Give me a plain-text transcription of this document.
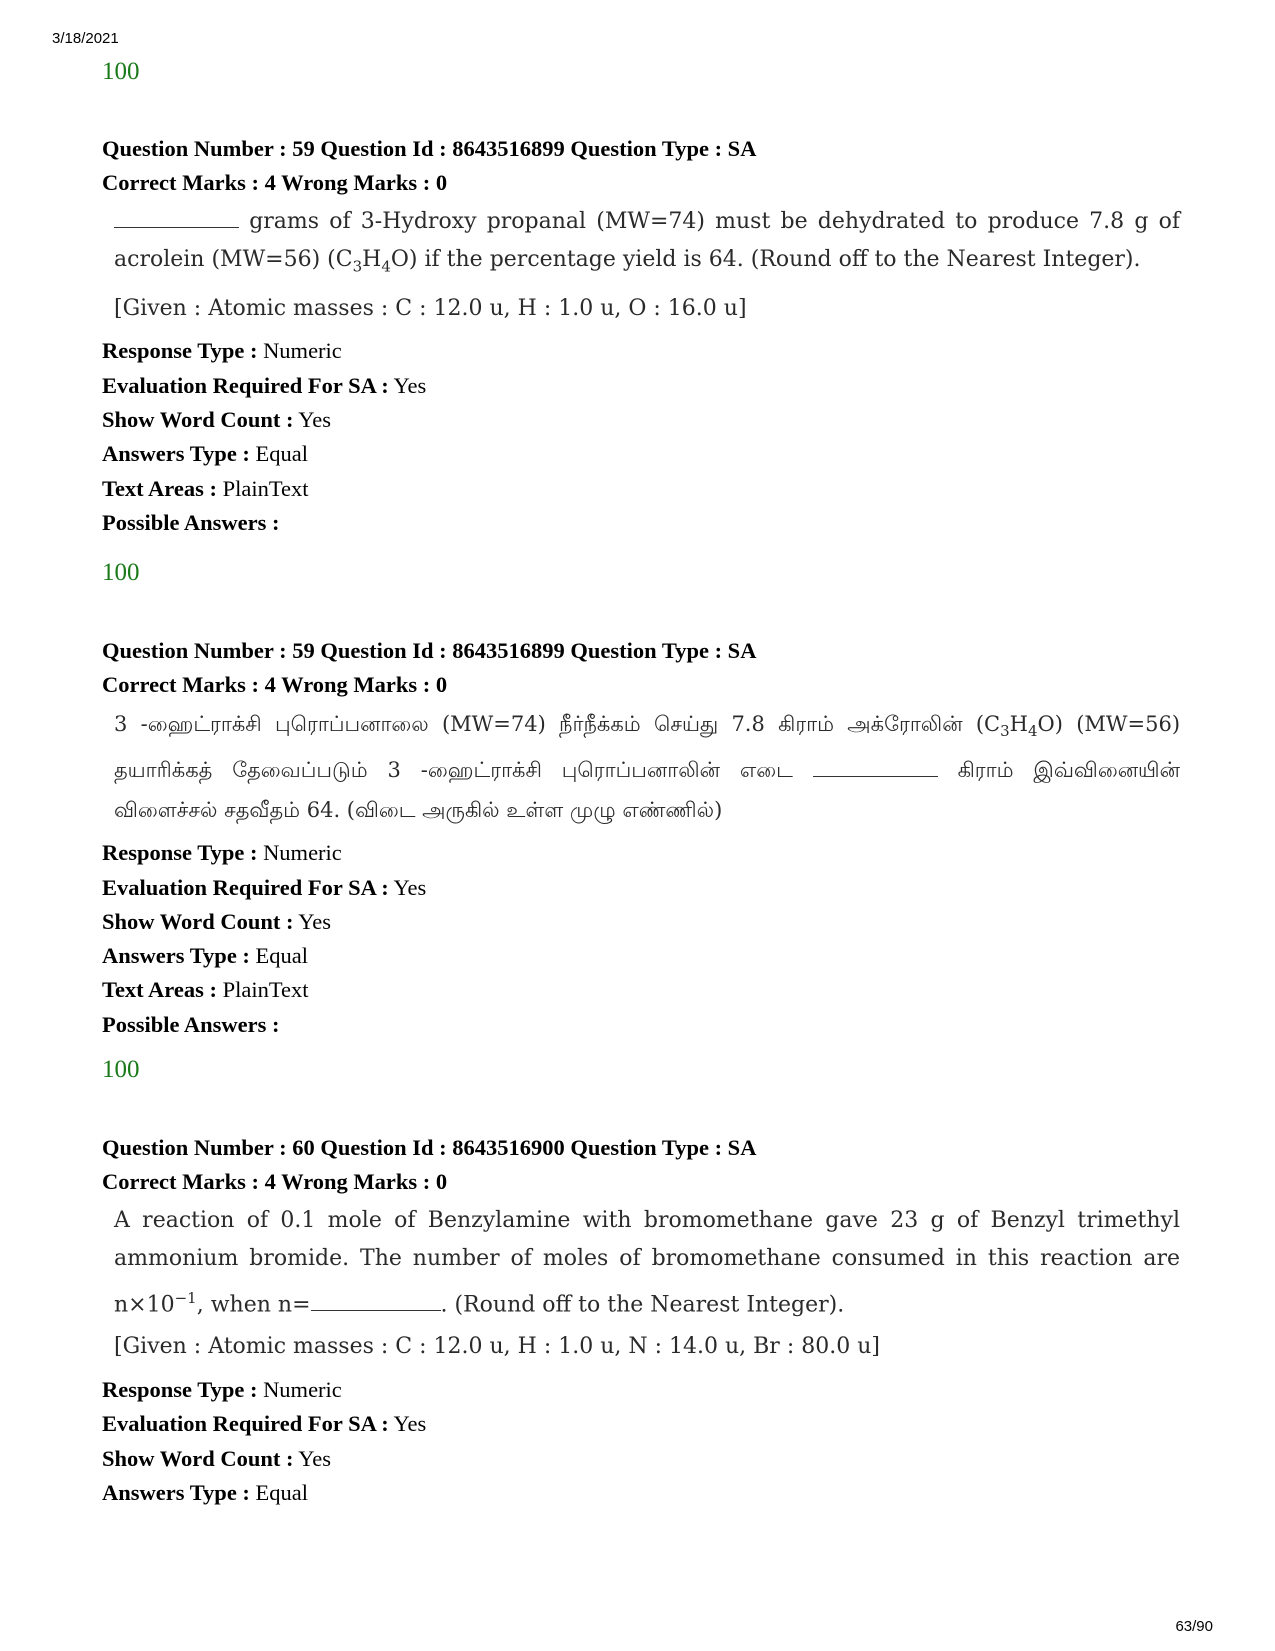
3/18/2021
100
Question Number : 59 Question Id : 8643516899 Question Type : SA
Correct Marks : 4 Wrong Marks : 0

grams of 3-Hydroxy propanal (MW=74) must be dehydrated to produce 7.8 g of acrolein (MW=56) $(C_3H_4O)$ if the percentage yield is 64. (Round off to the Nearest Integer).

[Given : Atomic masses : C : 12.0 u, H : 1.0 u, O : 16.0 u]

Response Type : Numeric
Evaluation Required For SA : Yes
Show Word Count : Yes
Answers Type : Equal
Text Areas : PlainText
Possible Answers :
100
Question Number : 59 Question Id : 8643516899 Question Type : SA
Correct Marks : 4 Wrong Marks : 0

3 -ஹைட்ராக்சி புரொப்பனாலை (MW=74) நீர்நீக்கம் செய்து 7.8 கிராம் அக்ரோலின் $(C_3H_4O)$ (MW=56) தயாரிக்கத் தேவைப்படும் 3 -ஹைட்ராக்சி புரொப்பனாலின் எடை	கிராம் இவ்வினையின் விளைச்சல் சதவீதம் 64. (விடை அருகில் உள்ள முழு எண்ணில்)

Response Type : Numeric
Evaluation Required For SA : Yes
Show Word Count : Yes
Answers Type : Equal
Text Areas : PlainText
Possible Answers :
100
Question Number : 60 Question Id : 8643516900 Question Type : SA
Correct Marks : 4 Wrong Marks : 0

A reaction of 0.1 mole of Benzylamine with bromomethane gave 23 g of Benzyl trimethyl ammonium bromide. The number of moles of bromomethane consumed in this reaction are $n\times 10^{-1}$, when n=	. (Round off to the Nearest Integer).

[Given : Atomic masses : C : 12.0 u, H : 1.0 u, N : 14.0 u, Br : 80.0 u]

Response Type : Numeric
Evaluation Required For SA : Yes
Show Word Count : Yes
Answers Type : Equal
63/90
